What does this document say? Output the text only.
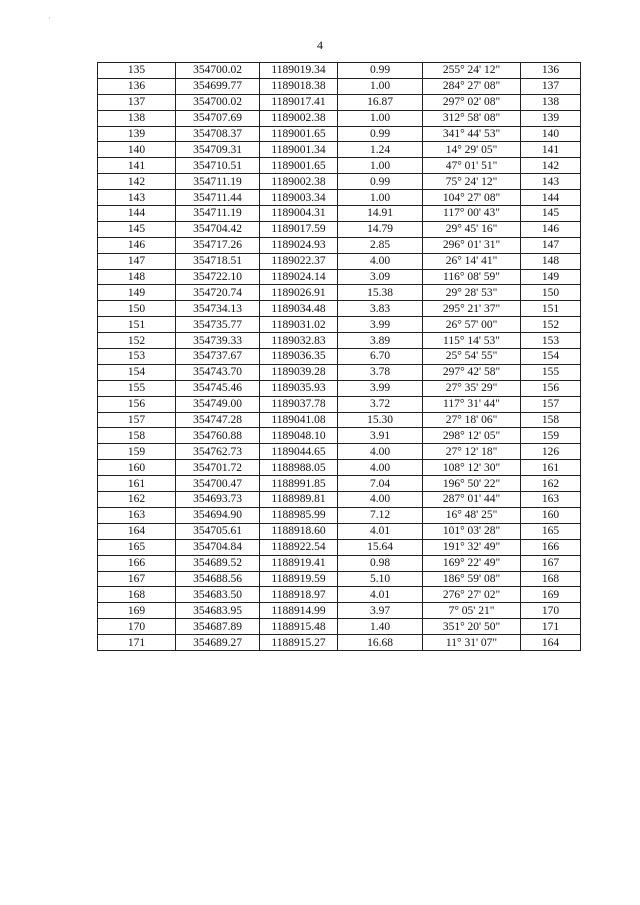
·
4
135	354700.02	1189019.34	0.99	255° 24' 12"	136
136	354699.77	1189018.38	1.00	284° 27' 08"	137
137	354700.02	1189017.41	16.87	297° 02' 08"	138
138	354707.69	1189002.38	1.00	312° 58' 08"	139
139	354708.37	1189001.65	0.99	341° 44' 53"	140
140	354709.31	1189001.34	1.24	14° 29' 05"	141
141	354710.51	1189001.65	1.00	47° 01' 51"	142
142	354711.19	1189002.38	0.99	75° 24' 12"	143
143	354711.44	1189003.34	1.00	104° 27' 08"	144
144	354711.19	1189004.31	14.91	117° 00' 43"	145
145	354704.42	1189017.59	14.79	29° 45' 16"	146
146	354717.26	1189024.93	2.85	296° 01' 31"	147
147	354718.51	1189022.37	4.00	26° 14' 41"	148
148	354722.10	1189024.14	3.09	116° 08' 59"	149
149	354720.74	1189026.91	15.38	29° 28' 53"	150
150	354734.13	1189034.48	3.83	295° 21' 37"	151
151	354735.77	1189031.02	3.99	26° 57' 00"	152
152	354739.33	1189032.83	3.89	115° 14' 53"	153
153	354737.67	1189036.35	6.70	25° 54' 55"	154
154	354743.70	1189039.28	3.78	297° 42' 58"	155
155	354745.46	1189035.93	3.99	27° 35' 29"	156
156	354749.00	1189037.78	3.72	117° 31' 44"	157
157	354747.28	1189041.08	15.30	27° 18' 06"	158
158	354760.88	1189048.10	3.91	298° 12' 05"	159
159	354762.73	1189044.65	4.00	27° 12' 18"	126
160	354701.72	1188988.05	4.00	108° 12' 30"	161
161	354700.47	1188991.85	7.04	196° 50' 22"	162
162	354693.73	1188989.81	4.00	287° 01' 44"	163
163	354694.90	1188985.99	7.12	16° 48' 25"	160
164	354705.61	1188918.60	4.01	101° 03' 28"	165
165	354704.84	1188922.54	15.64	191° 32' 49"	166
166	354689.52	1188919.41	0.98	169° 22' 49"	167
167	354688.56	1188919.59	5.10	186° 59' 08"	168
168	354683.50	1188918.97	4.01	276° 27' 02"	169
169	354683.95	1188914.99	3.97	7° 05' 21"	170
170	354687.89	1188915.48	1.40	351° 20' 50"	171
171	354689.27	1188915.27	16.68	11° 31' 07"	164
